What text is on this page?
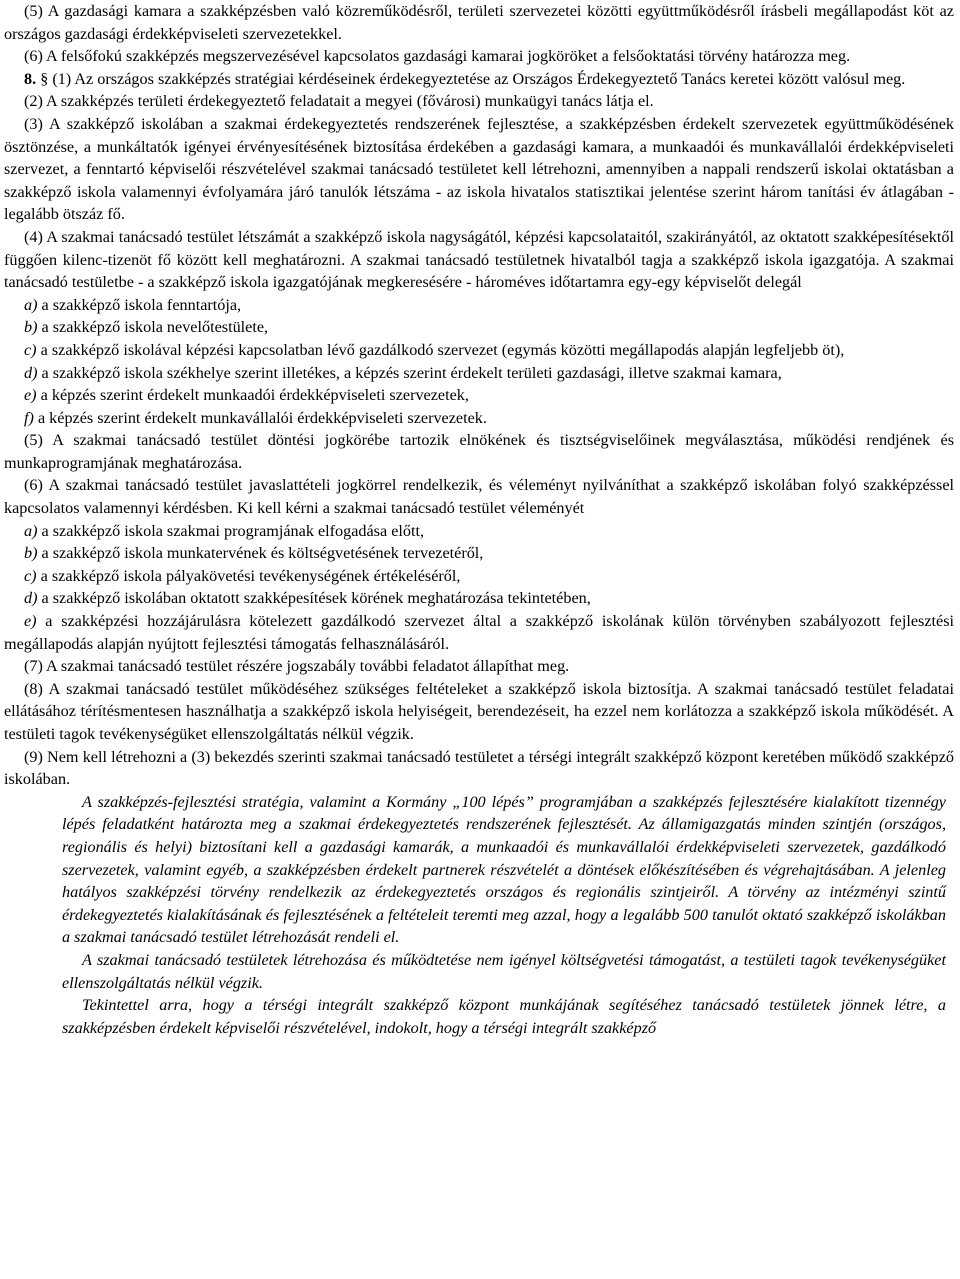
(5) A gazdasági kamara a szakképzésben való közreműködésről, területi szervezetei közötti együttműködésről írásbeli megállapodást köt az országos gazdasági érdekképviseleti szervezetekkel.

(6) A felsőfokú szakképzés megszervezésével kapcsolatos gazdasági kamarai jogköröket a felsőoktatási törvény határozza meg.

8. § (1) Az országos szakképzés stratégiai kérdéseinek érdekegyeztetése az Országos Érdekegyeztető Tanács keretei között valósul meg.

(2) A szakképzés területi érdekegyeztető feladatait a megyei (fővárosi) munkaügyi tanács látja el.

(3) A szakképző iskolában a szakmai érdekegyeztetés rendszerének fejlesztése, a szakképzésben érdekelt szervezetek együttműködésének ösztönzése, a munkáltatók igényei érvényesítésének biztosítása érdekében a gazdasági kamara, a munkaadói és munkavállalói érdekképviseleti szervezet, a fenntartó képviselői részvételével szakmai tanácsadó testületet kell létrehozni, amennyiben a nappali rendszerű iskolai oktatásban a szakképző iskola valamennyi évfolyamára járó tanulók létszáma - az iskola hivatalos statisztikai jelentése szerint három tanítási év átlagában - legalább ötszáz fő.

(4) A szakmai tanácsadó testület létszámát a szakképző iskola nagyságától, képzési kapcsolataitól, szakirányától, az oktatott szakképesítésektől függően kilenc-tizenöt fő között kell meghatározni. A szakmai tanácsadó testületnek hivatalból tagja a szakképző iskola igazgatója. A szakmai tanácsadó testületbe - a szakképző iskola igazgatójának megkeresésére - hároméves időtartamra egy-egy képviselőt delegál

a) a szakképző iskola fenntartója,

b) a szakképző iskola nevelőtestülete,

c) a szakképző iskolával képzési kapcsolatban lévő gazdálkodó szervezet (egymás közötti megállapodás alapján legfeljebb öt),

d) a szakképző iskola székhelye szerint illetékes, a képzés szerint érdekelt területi gazdasági, illetve szakmai kamara,

e) a képzés szerint érdekelt munkaadói érdekképviseleti szervezetek,

f) a képzés szerint érdekelt munkavállalói érdekképviseleti szervezetek.

(5) A szakmai tanácsadó testület döntési jogkörébe tartozik elnökének és tisztségviselőinek megválasztása, működési rendjének és munkaprogramjának meghatározása.

(6) A szakmai tanácsadó testület javaslattételi jogkörrel rendelkezik, és véleményt nyilváníthat a szakképző iskolában folyó szakképzéssel kapcsolatos valamennyi kérdésben. Ki kell kérni a szakmai tanácsadó testület véleményét

a) a szakképző iskola szakmai programjának elfogadása előtt,

b) a szakképző iskola munkatervének és költségvetésének tervezetéről,

c) a szakképző iskola pályakövetési tevékenységének értékeléséről,

d) a szakképző iskolában oktatott szakképesítések körének meghatározása tekintetében,

e) a szakképzési hozzájárulásra kötelezett gazdálkodó szervezet által a szakképző iskolának külön törvényben szabályozott fejlesztési megállapodás alapján nyújtott fejlesztési támogatás felhasználásáról.

(7) A szakmai tanácsadó testület részére jogszabály további feladatot állapíthat meg.

(8) A szakmai tanácsadó testület működéséhez szükséges feltételeket a szakképző iskola biztosítja. A szakmai tanácsadó testület feladatai ellátásához térítésmentesen használhatja a szakképző iskola helyiségeit, berendezéseit, ha ezzel nem korlátozza a szakképző iskola működését. A testületi tagok tevékenységüket ellenszolgáltatás nélkül végzik.

(9) Nem kell létrehozni a (3) bekezdés szerinti szakmai tanácsadó testületet a térségi integrált szakképző központ keretében működő szakképző iskolában.

A szakképzés-fejlesztési stratégia, valamint a Kormány „100 lépés” programjában a szakképzés fejlesztésére kialakított tizennégy lépés feladatként határozta meg a szakmai érdekegyeztetés rendszerének fejlesztését. Az államigazgatás minden szintjén (országos, regionális és helyi) biztosítani kell a gazdasági kamarák, a munkaadói és munkavállalói érdekképviseleti szervezetek, gazdálkodó szervezetek, valamint egyéb, a szakképzésben érdekelt partnerek részvételét a döntések előkészítésében és végrehajtásában. A jelenleg hatályos szakképzési törvény rendelkezik az érdekegyeztetés országos és regionális szintjeiről. A törvény az intézményi szintű érdekegyeztetés kialakításának és fejlesztésének a feltételeit teremti meg azzal, hogy a legalább 500 tanulót oktató szakképző iskolákban a szakmai tanácsadó testület létrehozását rendeli el.

A szakmai tanácsadó testületek létrehozása és működtetése nem igényel költségvetési támogatást, a testületi tagok tevékenységüket ellenszolgáltatás nélkül végzik.

Tekintettel arra, hogy a térségi integrált szakképző központ munkájának segítéséhez tanácsadó testületek jönnek létre, a szakképzésben érdekelt képviselői részvételével, indokolt, hogy a térségi integrált szakképző
